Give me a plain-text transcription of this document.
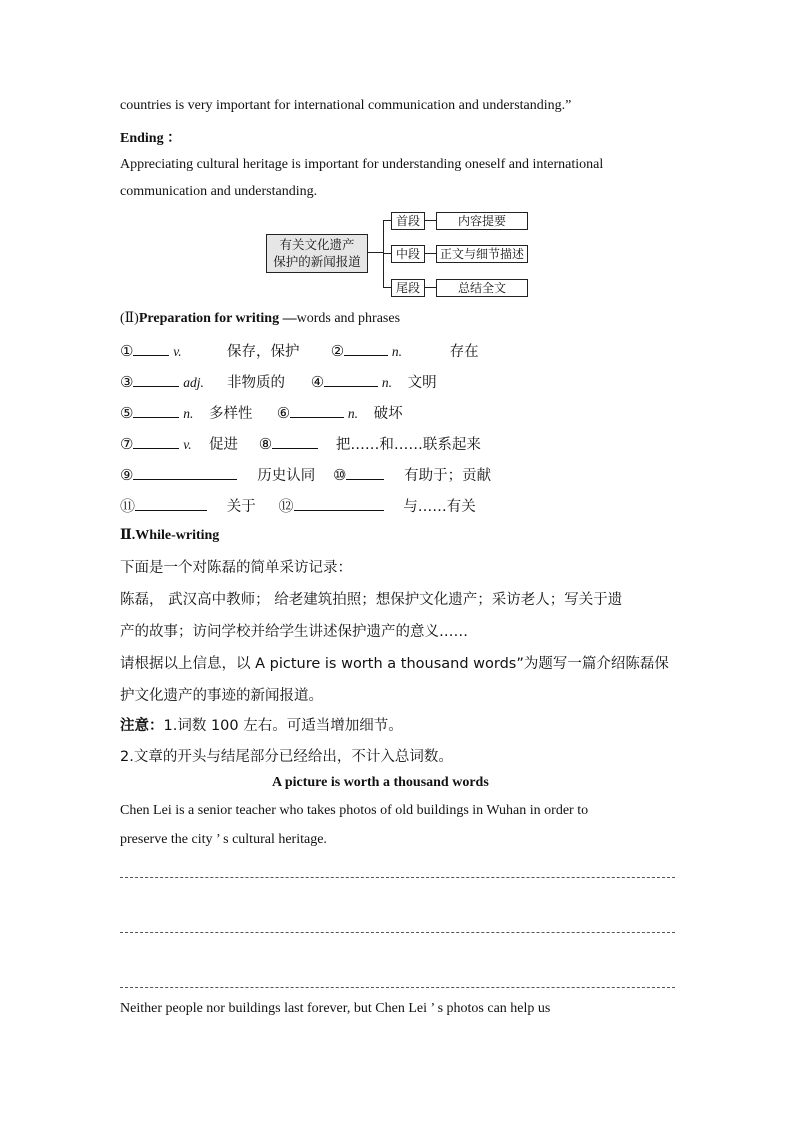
countries is very important for international communication and understanding.”
Ending ：
Appreciating cultural heritage is important for understanding oneself and international
communication and understanding.
有关文化遗产
保护的新闻报道
首段
中段
尾段
内容提要
正文与细节描述
总结全文
(Ⅱ)Preparation for writing —words and phrases
①	v.	保存，保护 ②	n.	存在
③	adj. 非物质的 ④	n. 文明
⑤	n. 多样性 ⑥	n. 破坏
⑦	v. 促进 ⑧	把……和……联系起来
⑨	历史认同 ⑩	有助于；贡献
⑪	关于 ⑫	与……有关
Ⅱ.While-writing
下面是一个对陈磊的简单采访记录：
陈磊， 武汉高中教师； 给老建筑拍照；想保护文化遗产；采访老人；写关于遗
产的故事；访问学校并给学生讲述保护遗产的意义……
请根据以上信息，以 A picture is worth a thousand words”为题写一篇介绍陈磊保
护文化遗产的事迹的新闻报道。
注意：1.词数 100 左右。可适当增加细节。
2.文章的开头与结尾部分已经给出，不计入总词数。
A picture is worth a thousand words
Chen Lei is a senior teacher who takes photos of old buildings in Wuhan in order to
preserve the city ’ s cultural heritage.
Neither people nor buildings last forever, but Chen Lei ’ s photos can help us
